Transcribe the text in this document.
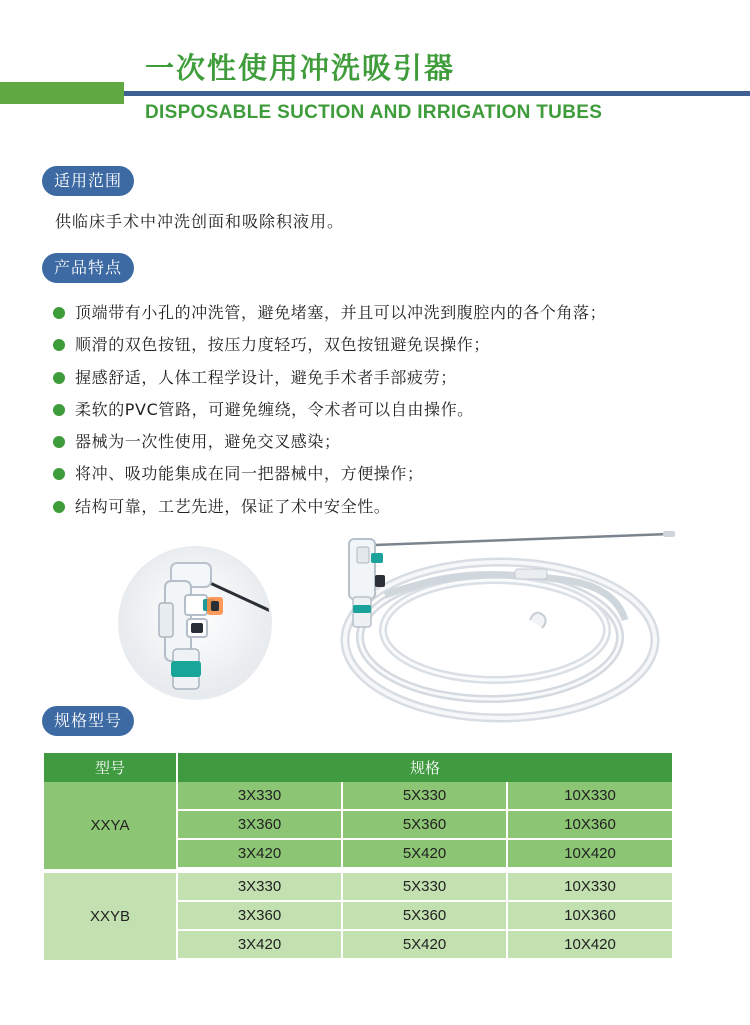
一次性使用冲洗吸引器
DISPOSABLE SUCTION AND IRRIGATION TUBES
适用范围
供临床手术中冲洗创面和吸除积液用。
产品特点
顶端带有小孔的冲洗管，避免堵塞，并且可以冲洗到腹腔内的各个角落；
顺滑的双色按钮，按压力度轻巧，双色按钮避免误操作；
握感舒适，人体工程学设计，避免手术者手部疲劳；
柔软的PVC管路，可避免缠绕，令术者可以自由操作。
器械为一次性使用，避免交叉感染；
将冲、吸功能集成在同一把器械中，方便操作；
结构可靠，工艺先进，保证了术中安全性。
规格型号
型号	规格		
XXYA	3X330	5X330	10X330
	3X360	5X360	10X360
	3X420	5X420	10X420
XXYB	3X330	5X330	10X330
	3X360	5X360	10X360
	3X420	5X420	10X420
